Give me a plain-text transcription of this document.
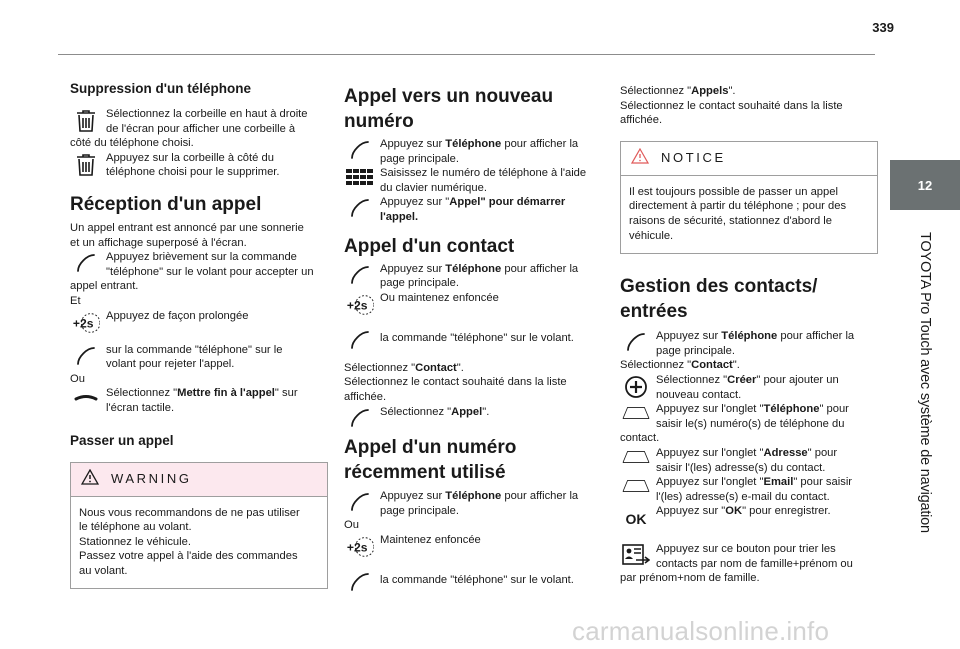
339
12
TOYOTA Pro Touch avec système de navigation
Suppression d'un téléphone
Sélectionnez la corbeille en haut à droite
de l'écran pour afficher une corbeille à
côté du téléphone choisi.
Appuyez sur la corbeille à côté du
téléphone choisi pour le supprimer.
Réception d'un appel
Un appel entrant est annoncé par une sonnerie
et un affichage superposé à l'écran.
Appuyez brièvement sur la commande
"téléphone" sur le volant pour accepter un
appel entrant.
Et
+2s
Appuyez de façon prolongée
sur la commande "téléphone" sur le
volant pour rejeter l'appel.
Ou
Sélectionnez "Mettre fin à l'appel" sur
l'écran tactile.
Passer un appel
WARNING
Nous vous recommandons de ne pas utiliser
le téléphone au volant.
Stationnez le véhicule.
Passez votre appel à l'aide des commandes
au volant.
Appel vers un nouveau
numéro
Appuyez sur Téléphone pour afficher la
page principale.
Saisissez le numéro de téléphone à l'aide
du clavier numérique.
Appuyez sur "Appel" pour démarrer
l'appel.
Appel d'un contact
Appuyez sur Téléphone pour afficher la
page principale.
+2s
Ou maintenez enfoncée
la commande "téléphone" sur le volant.
Sélectionnez "Contact".
Sélectionnez le contact souhaité dans la liste
affichée.
Sélectionnez "Appel".
Appel d'un numéro
récemment utilisé
Appuyez sur Téléphone pour afficher la
page principale.
Ou
+2s
Maintenez enfoncée
la commande "téléphone" sur le volant.
Sélectionnez "Appels".
Sélectionnez le contact souhaité dans la liste
affichée.
NOTICE
Il est toujours possible de passer un appel
directement à partir du téléphone ; pour des
raisons de sécurité, stationnez d'abord le
véhicule.
Gestion des contacts/
entrées
Appuyez sur Téléphone pour afficher la
page principale.
Sélectionnez "Contact".
Sélectionnez "Créer" pour ajouter un
nouveau contact.
Appuyez sur l'onglet "Téléphone" pour
saisir le(s) numéro(s) de téléphone du
contact.
Appuyez sur l'onglet "Adresse" pour
saisir l'(les) adresse(s) du contact.
Appuyez sur l'onglet "Email" pour saisir
l'(les) adresse(s) e-mail du contact.
OK Appuyez sur "OK" pour enregistrer.
Appuyez sur ce bouton pour trier les
contacts par nom de famille+prénom ou
par prénom+nom de famille.
carmanualsonline.info
